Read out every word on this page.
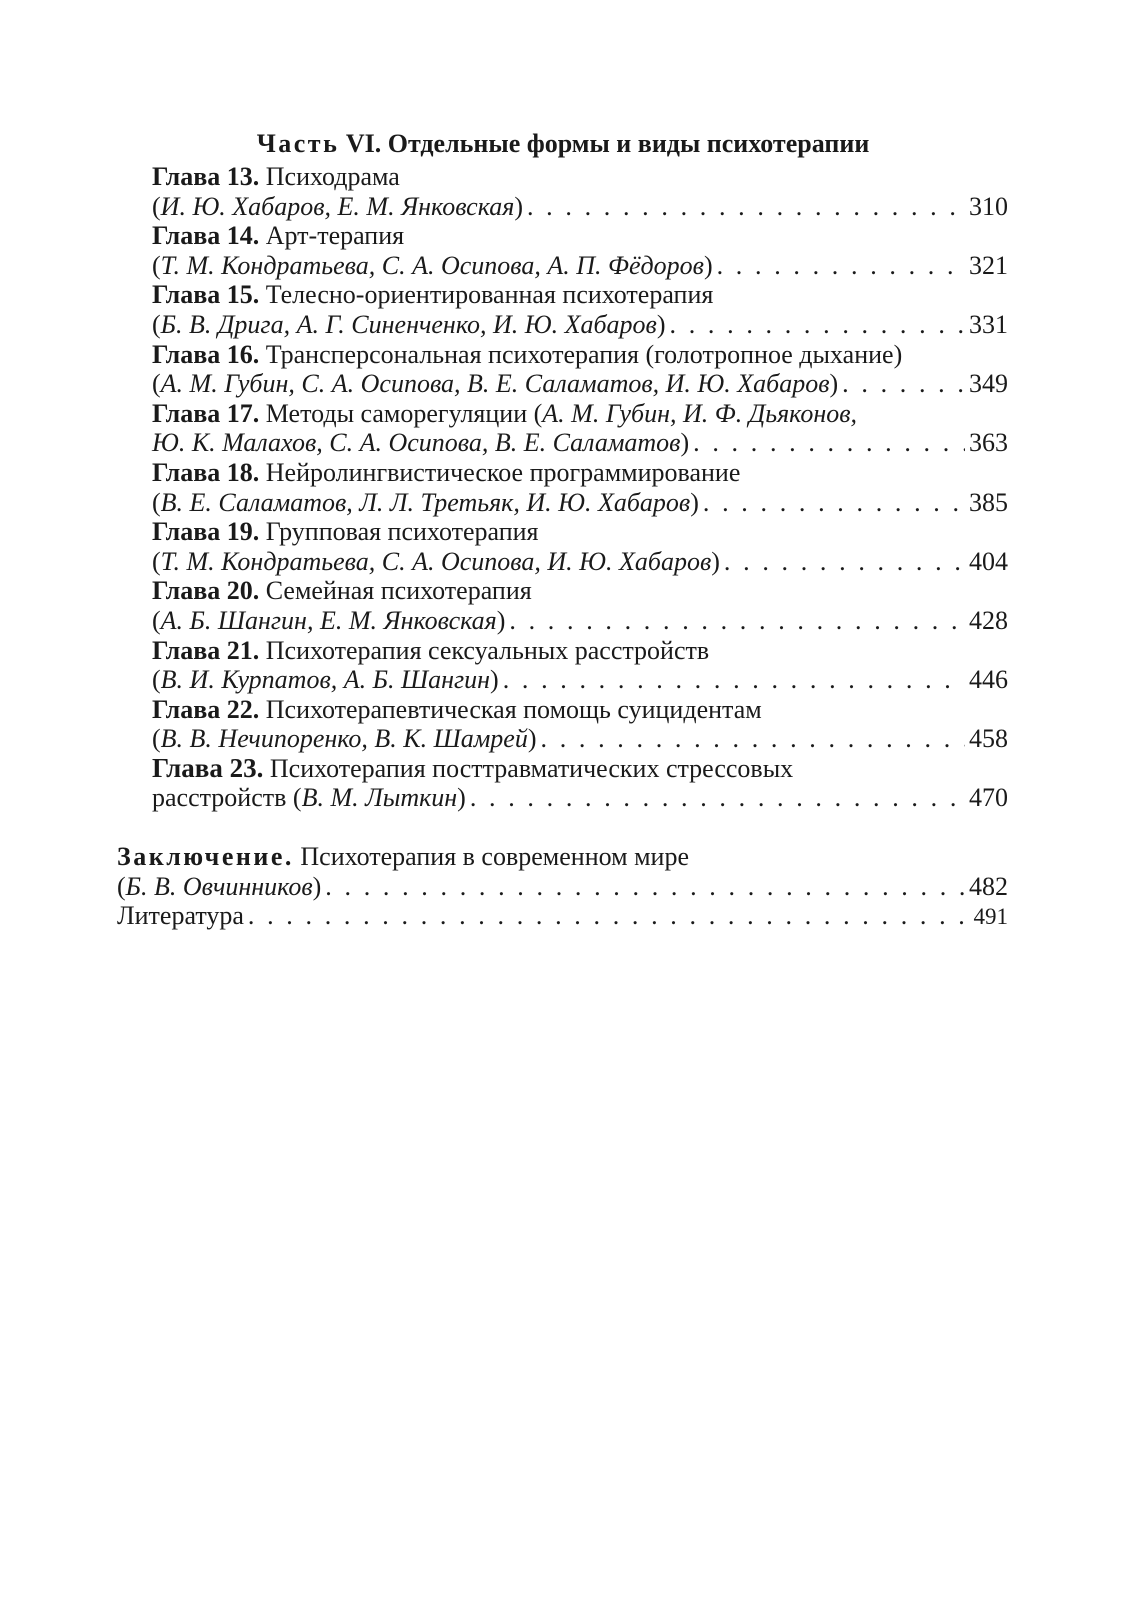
Часть VI. Отдельные формы и виды психотерапии
Глава 13. Психодрама
(И. Ю. Хабаров, Е. М. Янковская) . . .	310
Глава 14. Арт-терапия
(Т. М. Кондратьева, С. А. Осипова, А. П. Фёдоров) . . .	321
Глава 15. Телесно-ориентированная психотерапия
(Б. В. Дрига, А. Г. Синенченко, И. Ю. Хабаров) . . .	331
Глава 16. Трансперсональная психотерапия (голотропное дыхание)
(А. М. Губин, С. А. Осипова, В. Е. Саламатов, И. Ю. Хабаров) . . .	349
Глава 17. Методы саморегуляции (А. М. Губин, И. Ф. Дьяконов,
Ю. К. Малахов, С. А. Осипова, В. Е. Саламатов) . . .	363
Глава 18. Нейролингвистическое программирование
(В. Е. Саламатов, Л. Л. Третьяк, И. Ю. Хабаров) . . .	385
Глава 19. Групповая психотерапия
(Т. М. Кондратьева, С. А. Осипова, И. Ю. Хабаров) . . .	404
Глава 20. Семейная психотерапия
(А. Б. Шангин, Е. М. Янковская) . . .	428
Глава 21. Психотерапия сексуальных расстройств
(В. И. Курпатов, А. Б. Шангин) . . .	446
Глава 22. Психотерапевтическая помощь суицидентам
(В. В. Нечипоренко, В. К. Шамрей) . . .	458
Глава 23. Психотерапия посттравматических стрессовых
расстройств (В. М. Лыткин) . . .	470
Заключение. Психотерапия в современном мире
(Б. В. Овчинников) . . .	482
Литература . . .	491
